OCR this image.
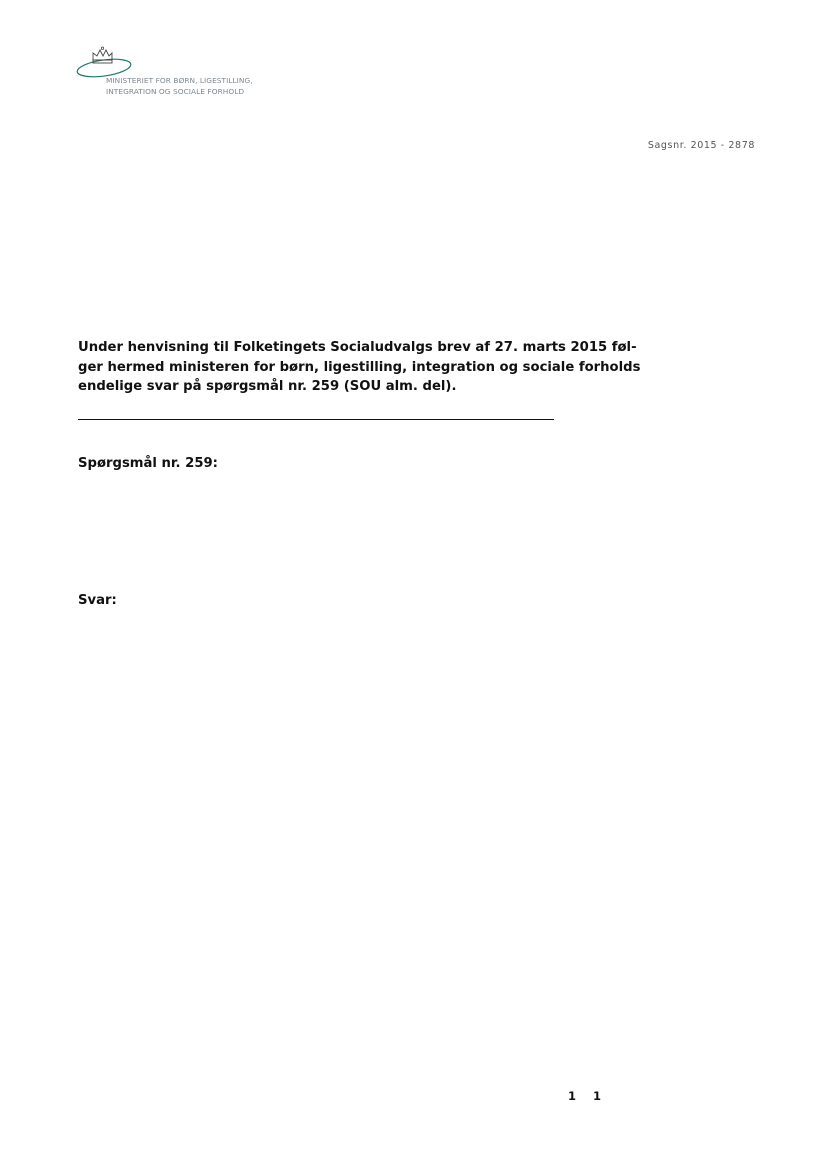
MINISTERIET FOR BØRN, LIGESTILLING,
INTEGRATION OG SOCIALE FORHOLD
Sagsnr. 2015 - 2878
Under henvisning til Folketingets Socialudvalgs brev af 27. marts 2015 føl-
ger hermed ministeren for børn, ligestilling, integration og sociale forholds
endelige svar på spørgsmål nr. 259 (SOU alm. del).
Spørgsmål nr. 259:
Svar:
1 1
